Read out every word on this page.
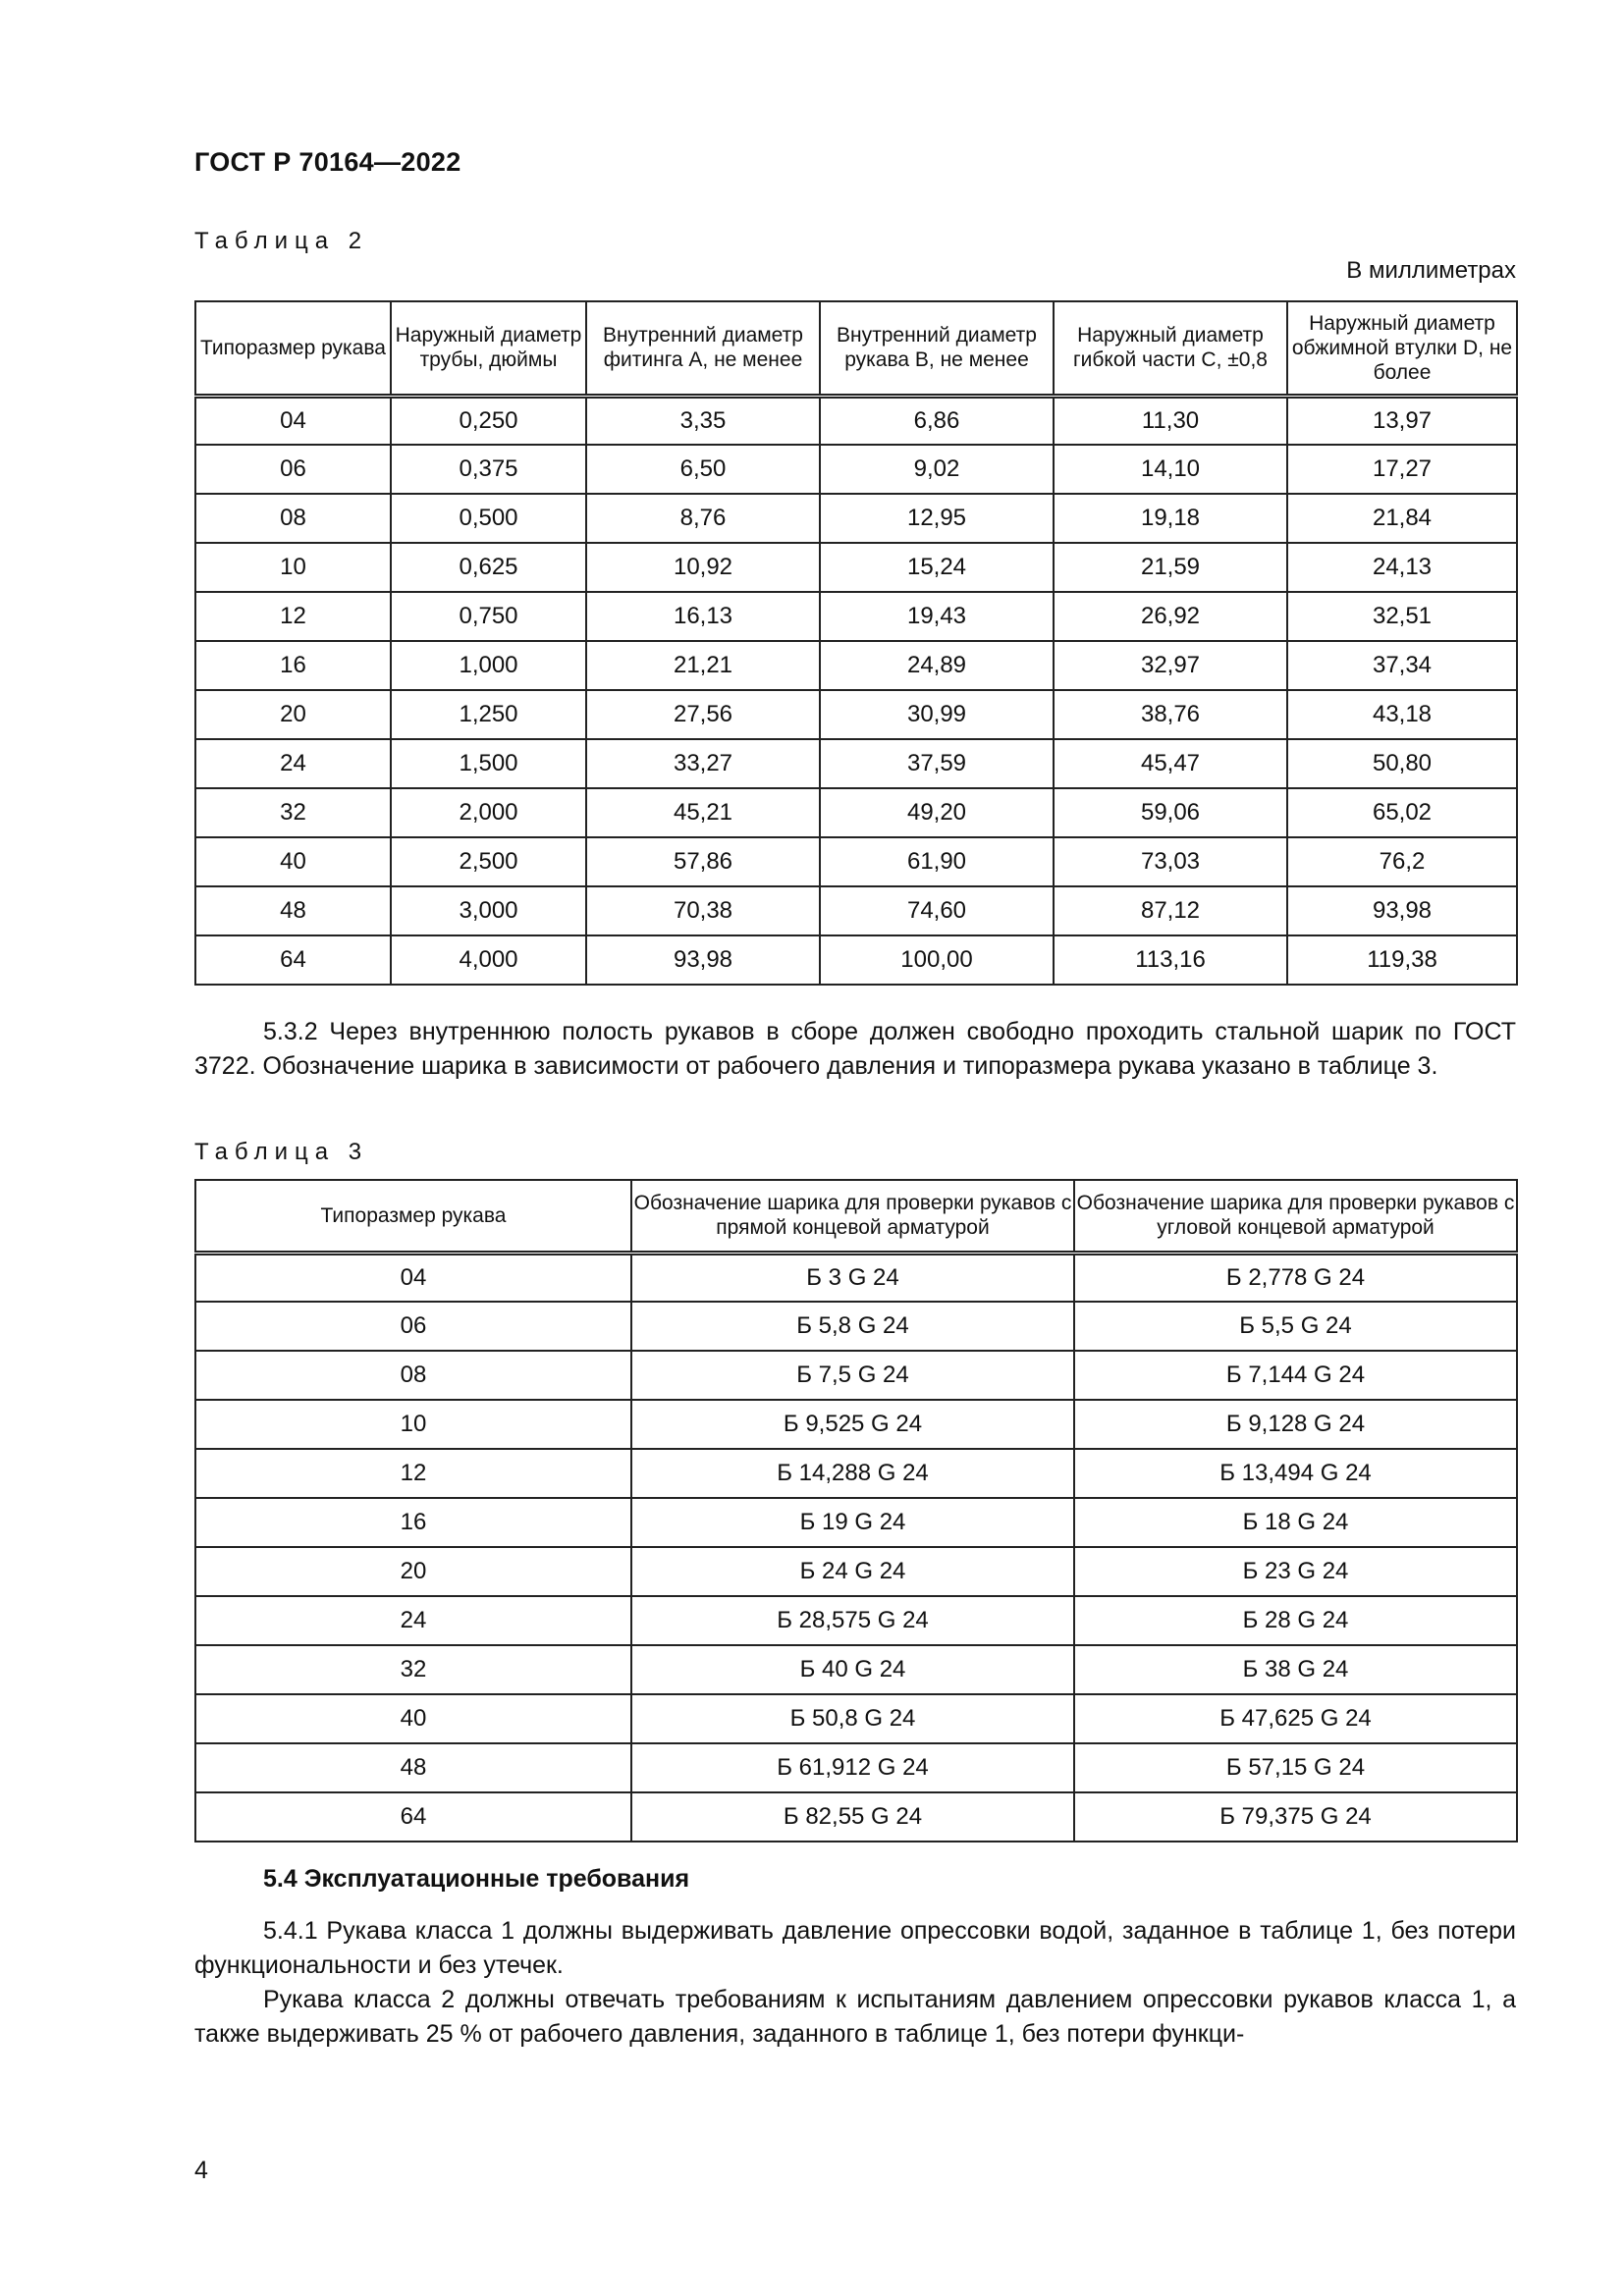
ГОСТ Р 70164—2022
Таблица 2
В миллиметрах
Типоразмер рукава	Наружный диаметр трубы, дюймы	Внутренний диаметр фитинга A, не менее	Внутренний диаметр рукава B, не менее	Наружный диаметр гибкой части C, ±0,8	Наружный диаметр обжимной втулки D, не более
04	0,250	3,35	6,86	11,30	13,97
06	0,375	6,50	9,02	14,10	17,27
08	0,500	8,76	12,95	19,18	21,84
10	0,625	10,92	15,24	21,59	24,13
12	0,750	16,13	19,43	26,92	32,51
16	1,000	21,21	24,89	32,97	37,34
20	1,250	27,56	30,99	38,76	43,18
24	1,500	33,27	37,59	45,47	50,80
32	2,000	45,21	49,20	59,06	65,02
40	2,500	57,86	61,90	73,03	76,2
48	3,000	70,38	74,60	87,12	93,98
64	4,000	93,98	100,00	113,16	119,38
5.3.2 Через внутреннюю полость рукавов в сборе должен свободно проходить стальной шарик по ГОСТ 3722. Обозначение шарика в зависимости от рабочего давления и типоразмера рукава указано в таблице 3.
Таблица 3
Типоразмер рукава	Обозначение шарика для проверки рукавов с прямой концевой арматурой	Обозначение шарика для проверки рукавов с угловой концевой арматурой
04	Б 3 G 24	Б 2,778 G 24
06	Б 5,8 G 24	Б 5,5 G 24
08	Б 7,5 G 24	Б 7,144 G 24
10	Б 9,525 G 24	Б 9,128 G 24
12	Б 14,288 G 24	Б 13,494 G 24
16	Б 19 G 24	Б 18 G 24
20	Б 24 G 24	Б 23 G 24
24	Б 28,575 G 24	Б 28 G 24
32	Б 40 G 24	Б 38 G 24
40	Б 50,8 G 24	Б 47,625 G 24
48	Б 61,912 G 24	Б 57,15 G 24
64	Б 82,55 G 24	Б 79,375 G 24
5.4 Эксплуатационные требования
5.4.1 Рукава класса 1 должны выдерживать давление опрессовки водой, заданное в таблице 1, без потери функциональности и без утечек.
Рукава класса 2 должны отвечать требованиям к испытаниям давлением опрессовки рукавов класса 1, а также выдерживать 25 % от рабочего давления, заданного в таблице 1, без потери функци-
4
